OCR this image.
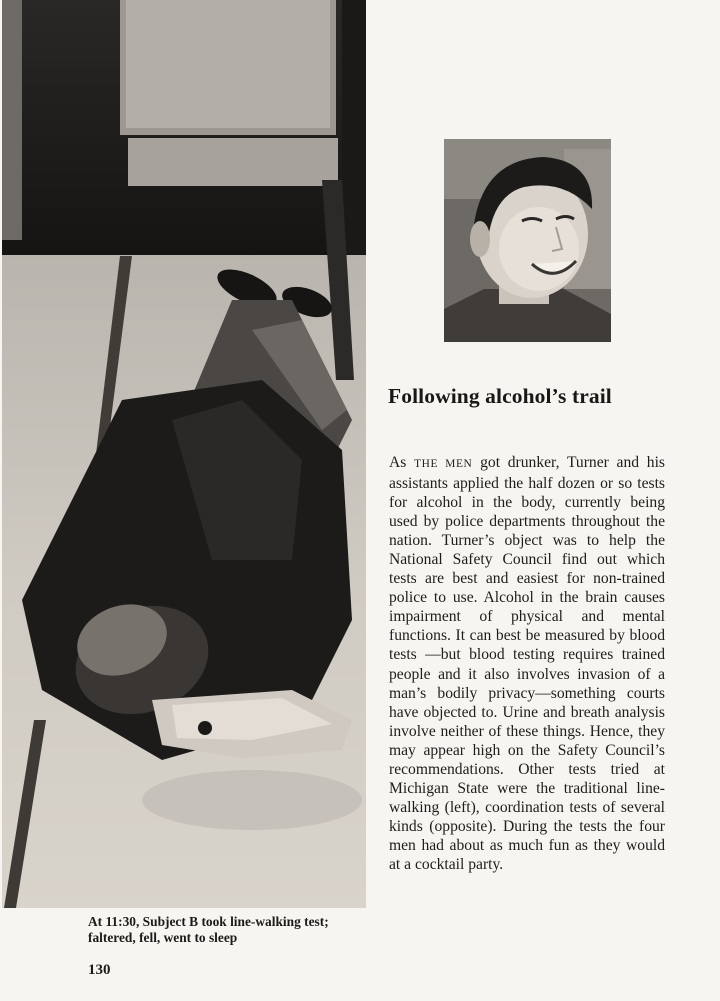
At 11:30, Subject B took line-walking test; faltered, fell, went to sleep
130
Following alcohol’s trail
As THE MEN got drunker, Turner and his assistants applied the half dozen or so tests for alcohol in the body, currently being used by police departments throughout the nation. Turner’s object was to help the National Safety Council find out which tests are best and easiest for non-trained police to use. Alcohol in the brain causes impairment of physical and mental functions. It can best be measured by blood tests —but blood testing requires trained people and it also involves invasion of a man’s bodily privacy—something courts have objected to. Urine and breath analysis involve neither of these things. Hence, they may appear high on the Safety Council’s recommendations. Other tests tried at Michigan State were the traditional line-walking (left), coordination tests of several kinds (opposite). During the tests the four men had about as much fun as they would at a cocktail party.
